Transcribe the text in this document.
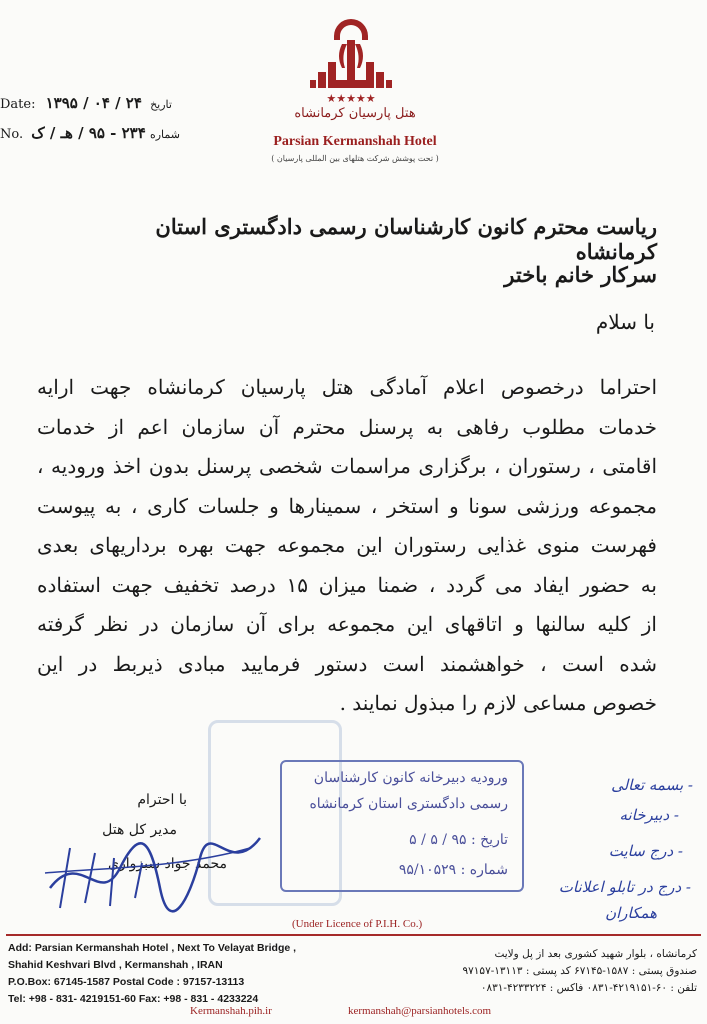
Date: ۱۳۹۵ / ۰۴ / ۲۴ تاریخ
No.	شماره ۲۳۴ - ۹۵ / هـ / ک
★★★★★
هتل پارسیان کرمانشاه
Parsian Kermanshah Hotel
( تحت پوشش شرکت هتلهای بین المللی پارسیان )
ریاست محترم کانون کارشناسان رسمی دادگستری استان کرمانشاه
سرکار خانم باختر
با سلام
احتراما درخصوص اعلام آمادگی هتل پارسیان کرمانشاه جهت ارایه
خدمات مطلوب رفاهی به پرسنل محترم آن سازمان اعم از خدمات
اقامتی ، رستوران ، برگزاری مراسمات شخصی پرسنل بدون اخذ ورودیه ،
مجموعه ورزشی سونا و استخر ، سمینارها و جلسات کاری ، به پیوست
فهرست منوی غذایی رستوران این مجموعه جهت بهره برداریهای بعدی
به حضور ایفاد می گردد ، ضمنا میزان ۱۵ درصد تخفیف جهت استفاده
از کلیه سالنها و اتاقهای این مجموعه برای آن سازمان در نظر گرفته
شده است ، خواهشمند است دستور فرمایید مبادی ذیربط در این
خصوص مساعی لازم را مبذول نمایند .
با احترام
مدیر کل هتل
محمد جواد سبزواری
ورودیه دبیرخانه کانون کارشناسان
رسمی دادگستری استان کرمانشاه
تاریخ : ۹۵ / ۵ / ۵
شماره : ۹۵/۱۰۵۲۹
- بسمه تعالی
- دبیرخانه
- درج سایت
- درج در تابلو اعلانات
همکاران
(Under Licence of P.I.H. Co.)
Add: Parsian Kermanshah Hotel , Next To Velayat Bridge ,
Shahid Keshvari Blvd , Kermanshah , IRAN
P.O.Box: 67145-1587 Postal Code : 97157-13113
Tel: +98 - 831- 4219151-60 Fax: +98 - 831 - 4233224
کرمانشاه ، بلوار شهید کشوری بعد از پل ولایت
صندوق پستی : ۱۵۸۷-۶۷۱۴۵ کد پستی : ۱۳۱۱۳-۹۷۱۵۷
تلفن : ۶۰-۴۲۱۹۱۵۱-۰۸۳۱ فاکس : ۴۲۳۳۲۲۴-۰۸۳۱
Kermanshah.pih.ir	kermanshah@parsianhotels.com
